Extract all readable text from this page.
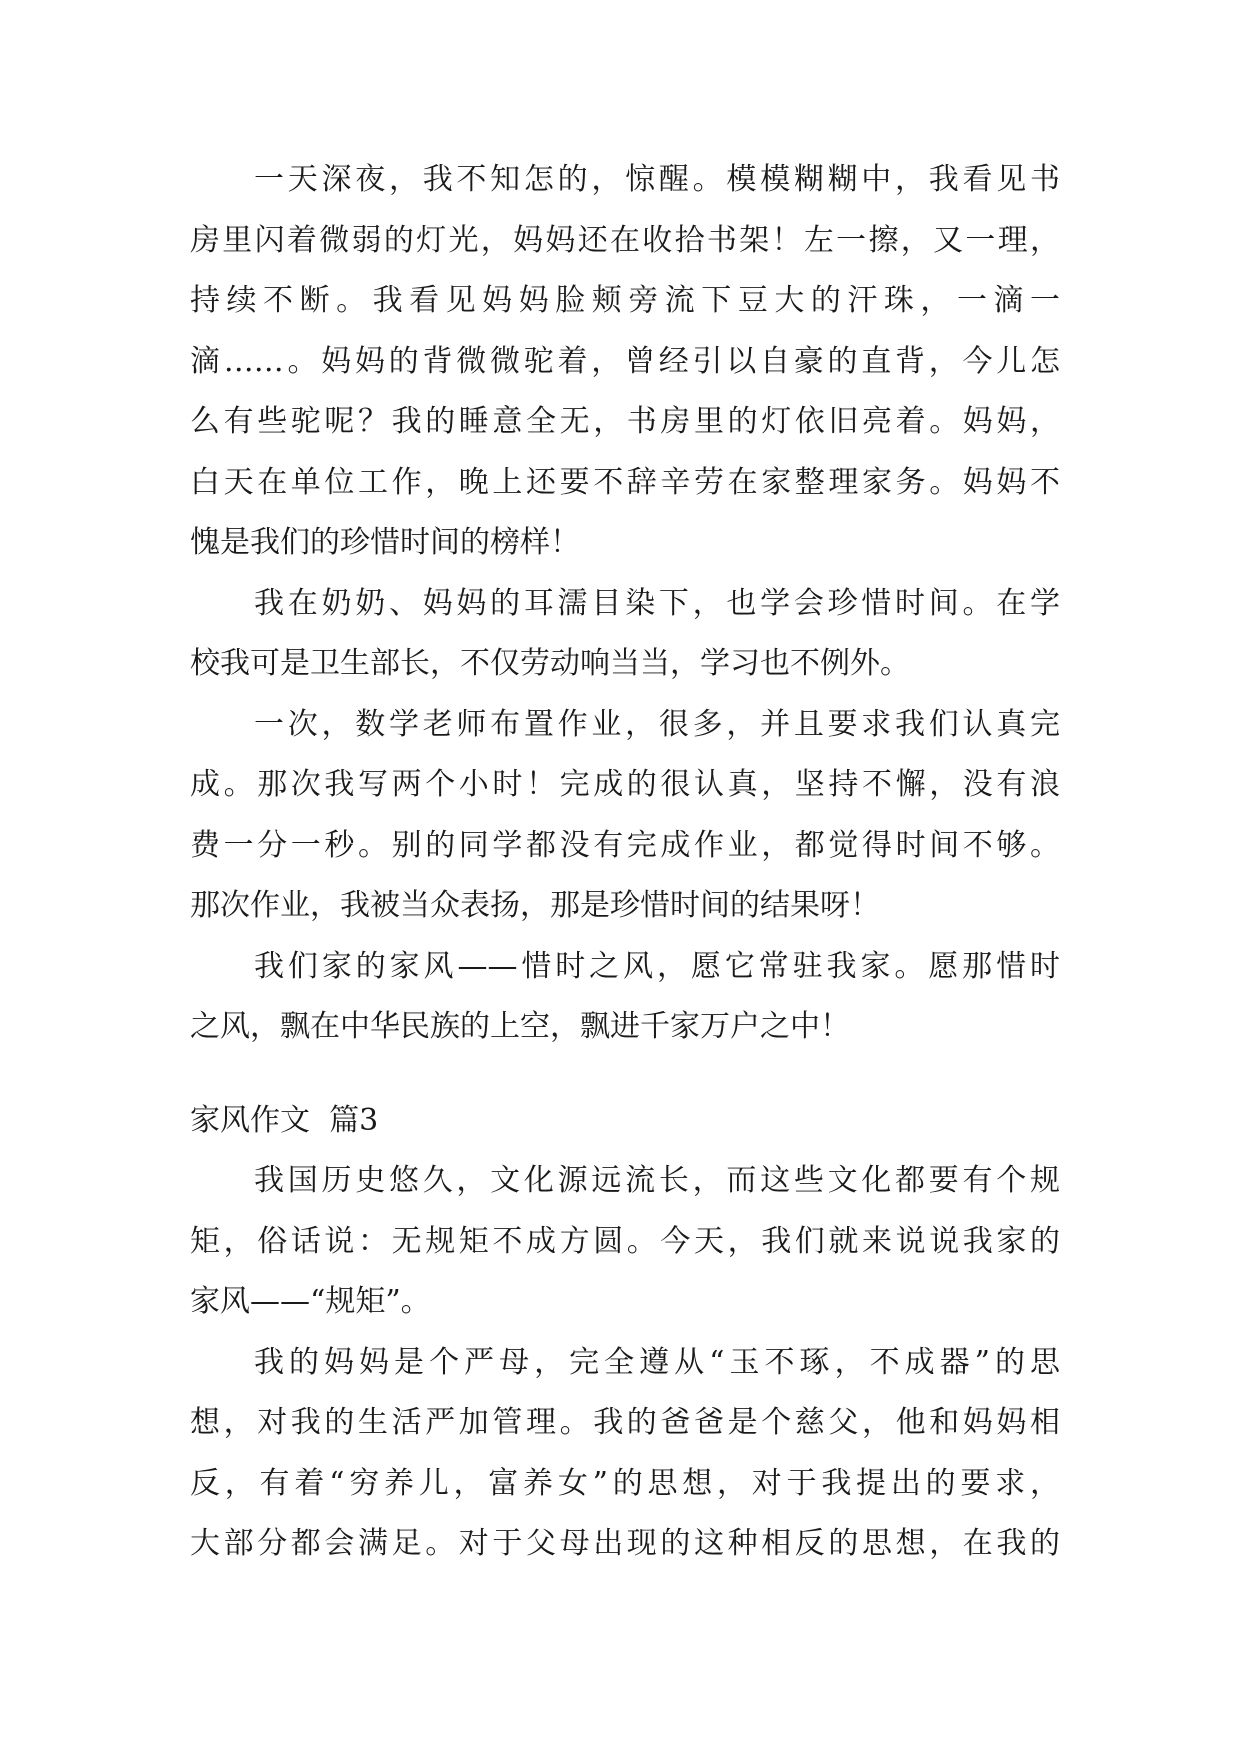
一天深夜，我不知怎的，惊醒。模模糊糊中，我看见书
房里闪着微弱的灯光，妈妈还在收拾书架！左一擦，又一理，
持续不断。我看见妈妈脸颊旁流下豆大的汗珠，一滴一
滴……。妈妈的背微微驼着，曾经引以自豪的直背，今儿怎
么有些驼呢？我的睡意全无，书房里的灯依旧亮着。妈妈，
白天在单位工作，晚上还要不辞辛劳在家整理家务。妈妈不
愧是我们的珍惜时间的榜样！
我在奶奶、妈妈的耳濡目染下，也学会珍惜时间。在学
校我可是卫生部长，不仅劳动响当当，学习也不例外。
一次，数学老师布置作业，很多，并且要求我们认真完
成。那次我写两个小时！完成的很认真，坚持不懈，没有浪
费一分一秒。别的同学都没有完成作业，都觉得时间不够。
那次作业，我被当众表扬，那是珍惜时间的结果呀！
我们家的家风——惜时之风，愿它常驻我家。愿那惜时
之风，飘在中华民族的上空，飘进千家万户之中！
家风作文  篇3
我国历史悠久，文化源远流长，而这些文化都要有个规
矩，俗话说：无规矩不成方圆。今天，我们就来说说我家的
家风——“规矩”。
我的妈妈是个严母，完全遵从“玉不琢，不成器”的思
想，对我的生活严加管理。我的爸爸是个慈父，他和妈妈相
反，有着“穷养儿，富养女”的思想，对于我提出的要求，
大部分都会满足。对于父母出现的这种相反的思想，在我的
